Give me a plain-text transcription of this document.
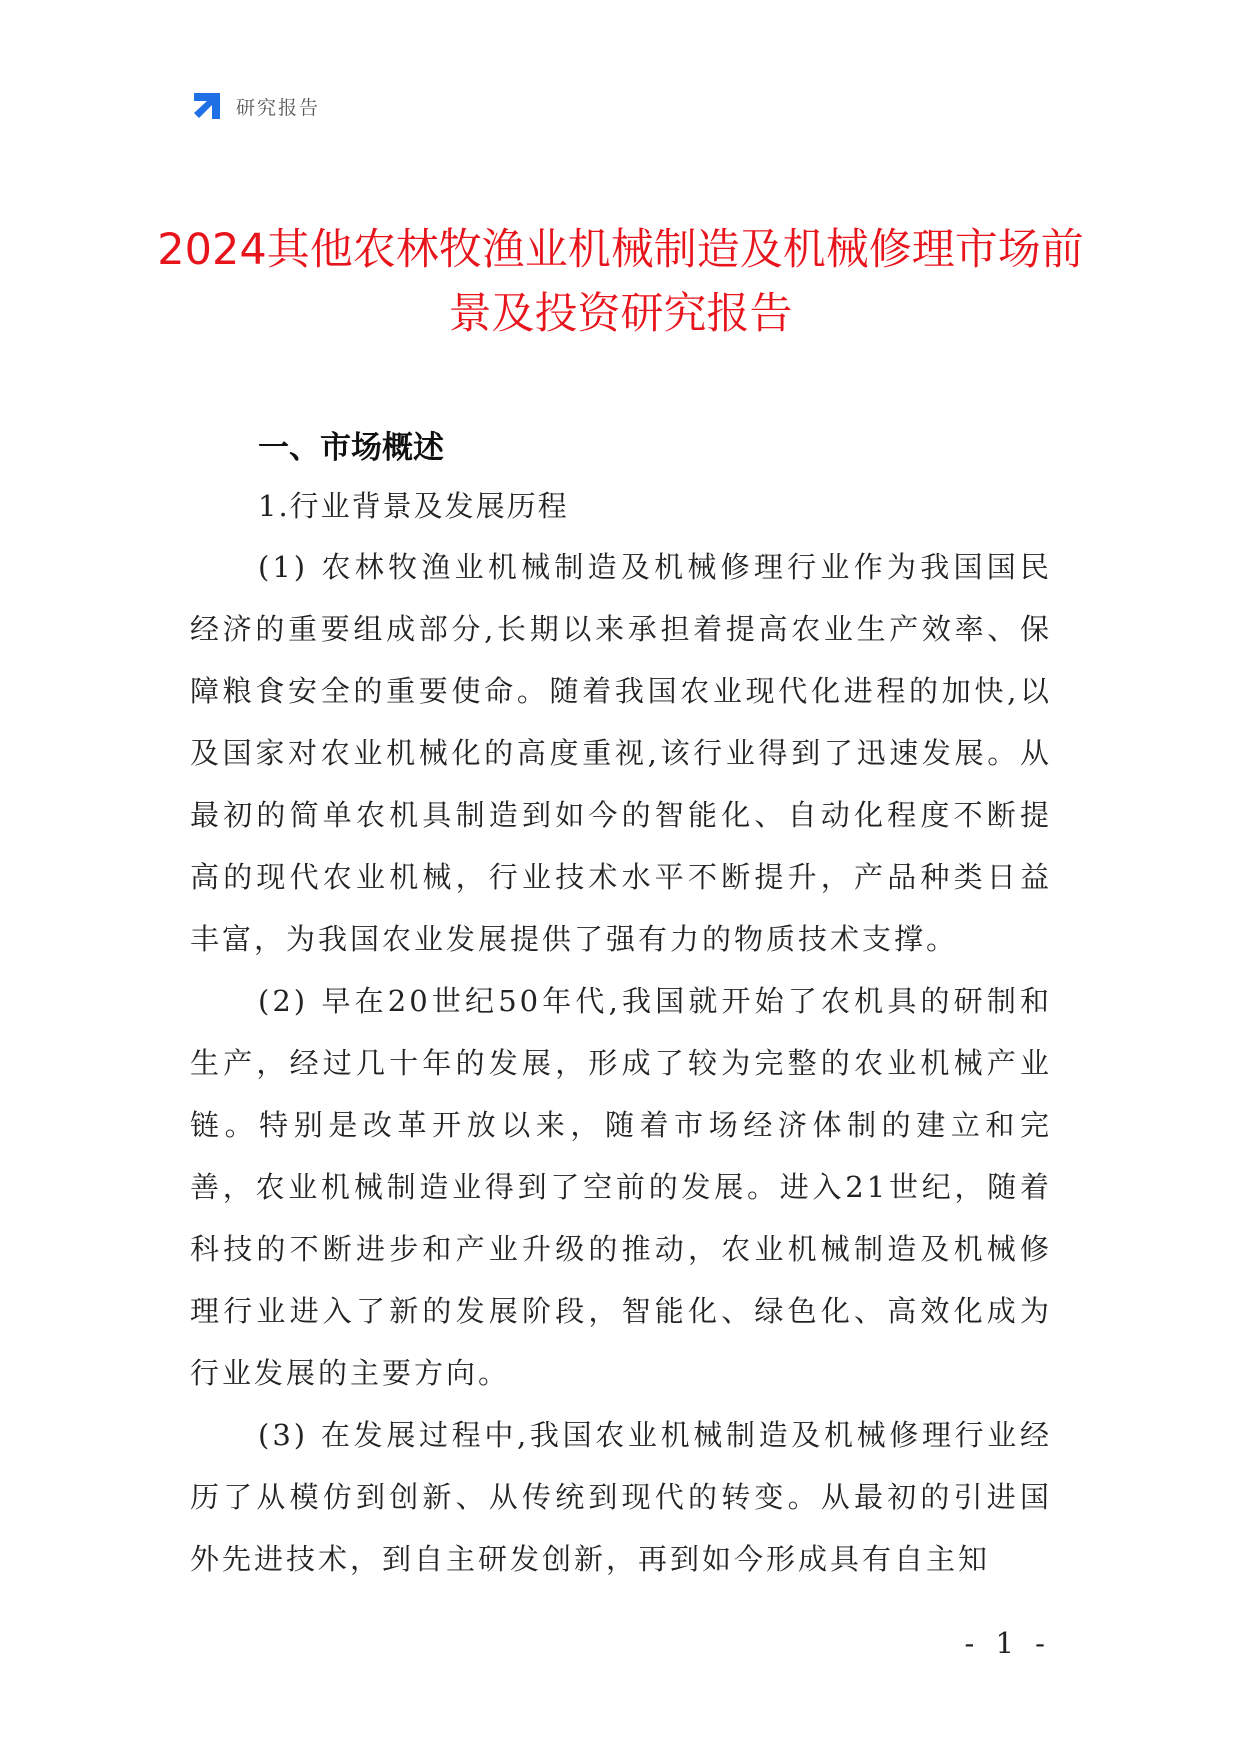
研究报告
2024其他农林牧渔业机械制造及机械修理市场前景及投资研究报告
一、市场概述
1.行业背景及发展历程

(1) 农林牧渔业机械制造及机械修理行业作为我国国民经济的重要组成部分,长期以来承担着提高农业生产效率、保障粮食安全的重要使命。随着我国农业现代化进程的加快,以及国家对农业机械化的高度重视,该行业得到了迅速发展。从最初的简单农机具制造到如今的智能化、自动化程度不断提高的现代农业机械，行业技术水平不断提升，产品种类日益丰富，为我国农业发展提供了强有力的物质技术支撑。

(2) 早在20世纪50年代,我国就开始了农机具的研制和生产，经过几十年的发展，形成了较为完整的农业机械产业链。特别是改革开放以来，随着市场经济体制的建立和完善，农业机械制造业得到了空前的发展。进入21世纪，随着科技的不断进步和产业升级的推动，农业机械制造及机械修理行业进入了新的发展阶段，智能化、绿色化、高效化成为行业发展的主要方向。

(3) 在发展过程中,我国农业机械制造及机械修理行业经历了从模仿到创新、从传统到现代的转变。从最初的引进国外先进技术，到自主研发创新，再到如今形成具有自主知

- 1 -
